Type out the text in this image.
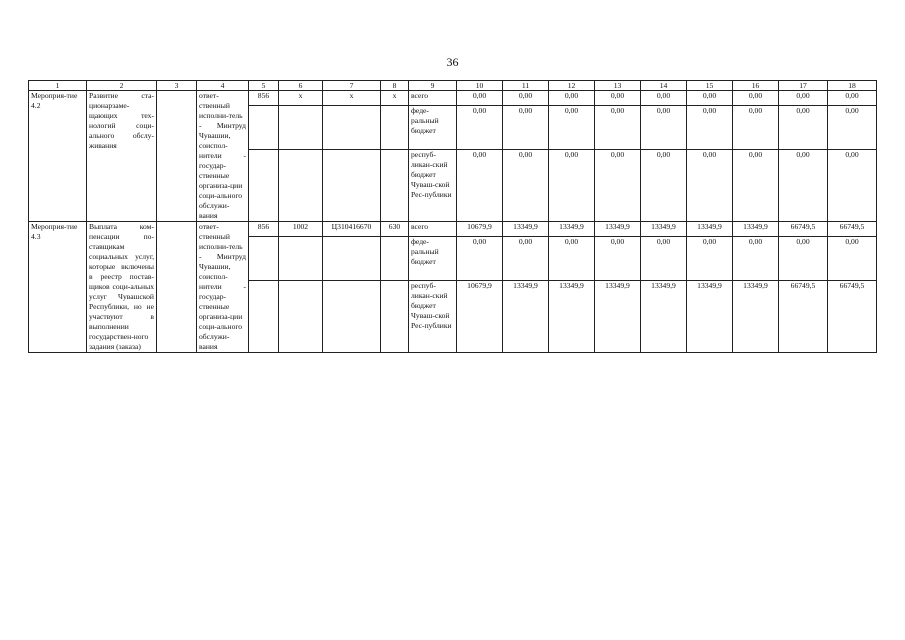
36
1	2	3	4	5	6	7	8	9	10	11	12	13	14	15	16	17	18
Мероприя-тие 4.2	Развитие ста-ционарзаме-щающих тех-нологий соци-ального обслу-живания		ответ-ственный исполни-тель - Минтруд Чувашии, соиспол-нители - государ-ственные организа-ции соци-ального обслужи-вания	856	x	x	x	всего	0,00	0,00	0,00	0,00	0,00	0,00	0,00	0,00	0,00
								феде-ральный бюджет	0,00	0,00	0,00	0,00	0,00	0,00	0,00	0,00	0,00
								респуб-ликан-ский бюджет Чуваш-ской Рес-публики	0,00	0,00	0,00	0,00	0,00	0,00	0,00	0,00	0,00
Мероприя-тие 4.3	Выплата ком-пенсации по-ставщикам социальных услуг, которые включены в реестр постав-щиков соци-альных услуг Чувашской Республики, но не участвуют в выполнении государствен-ного задания (заказа)		ответ-ственный исполни-тель - Минтруд Чувашии, соиспол-нители - государ-ственные организа-ции соци-ального обслужи-вания	856	1002	Ц310416670	630	всего	10679,9	13349,9	13349,9	13349,9	13349,9	13349,9	13349,9	66749,5	66749,5
								феде-ральный бюджет	0,00	0,00	0,00	0,00	0,00	0,00	0,00	0,00	0,00
								респуб-ликан-ский бюджет Чуваш-ской Рес-публики	10679,9	13349,9	13349,9	13349,9	13349,9	13349,9	13349,9	66749,5	66749,5
